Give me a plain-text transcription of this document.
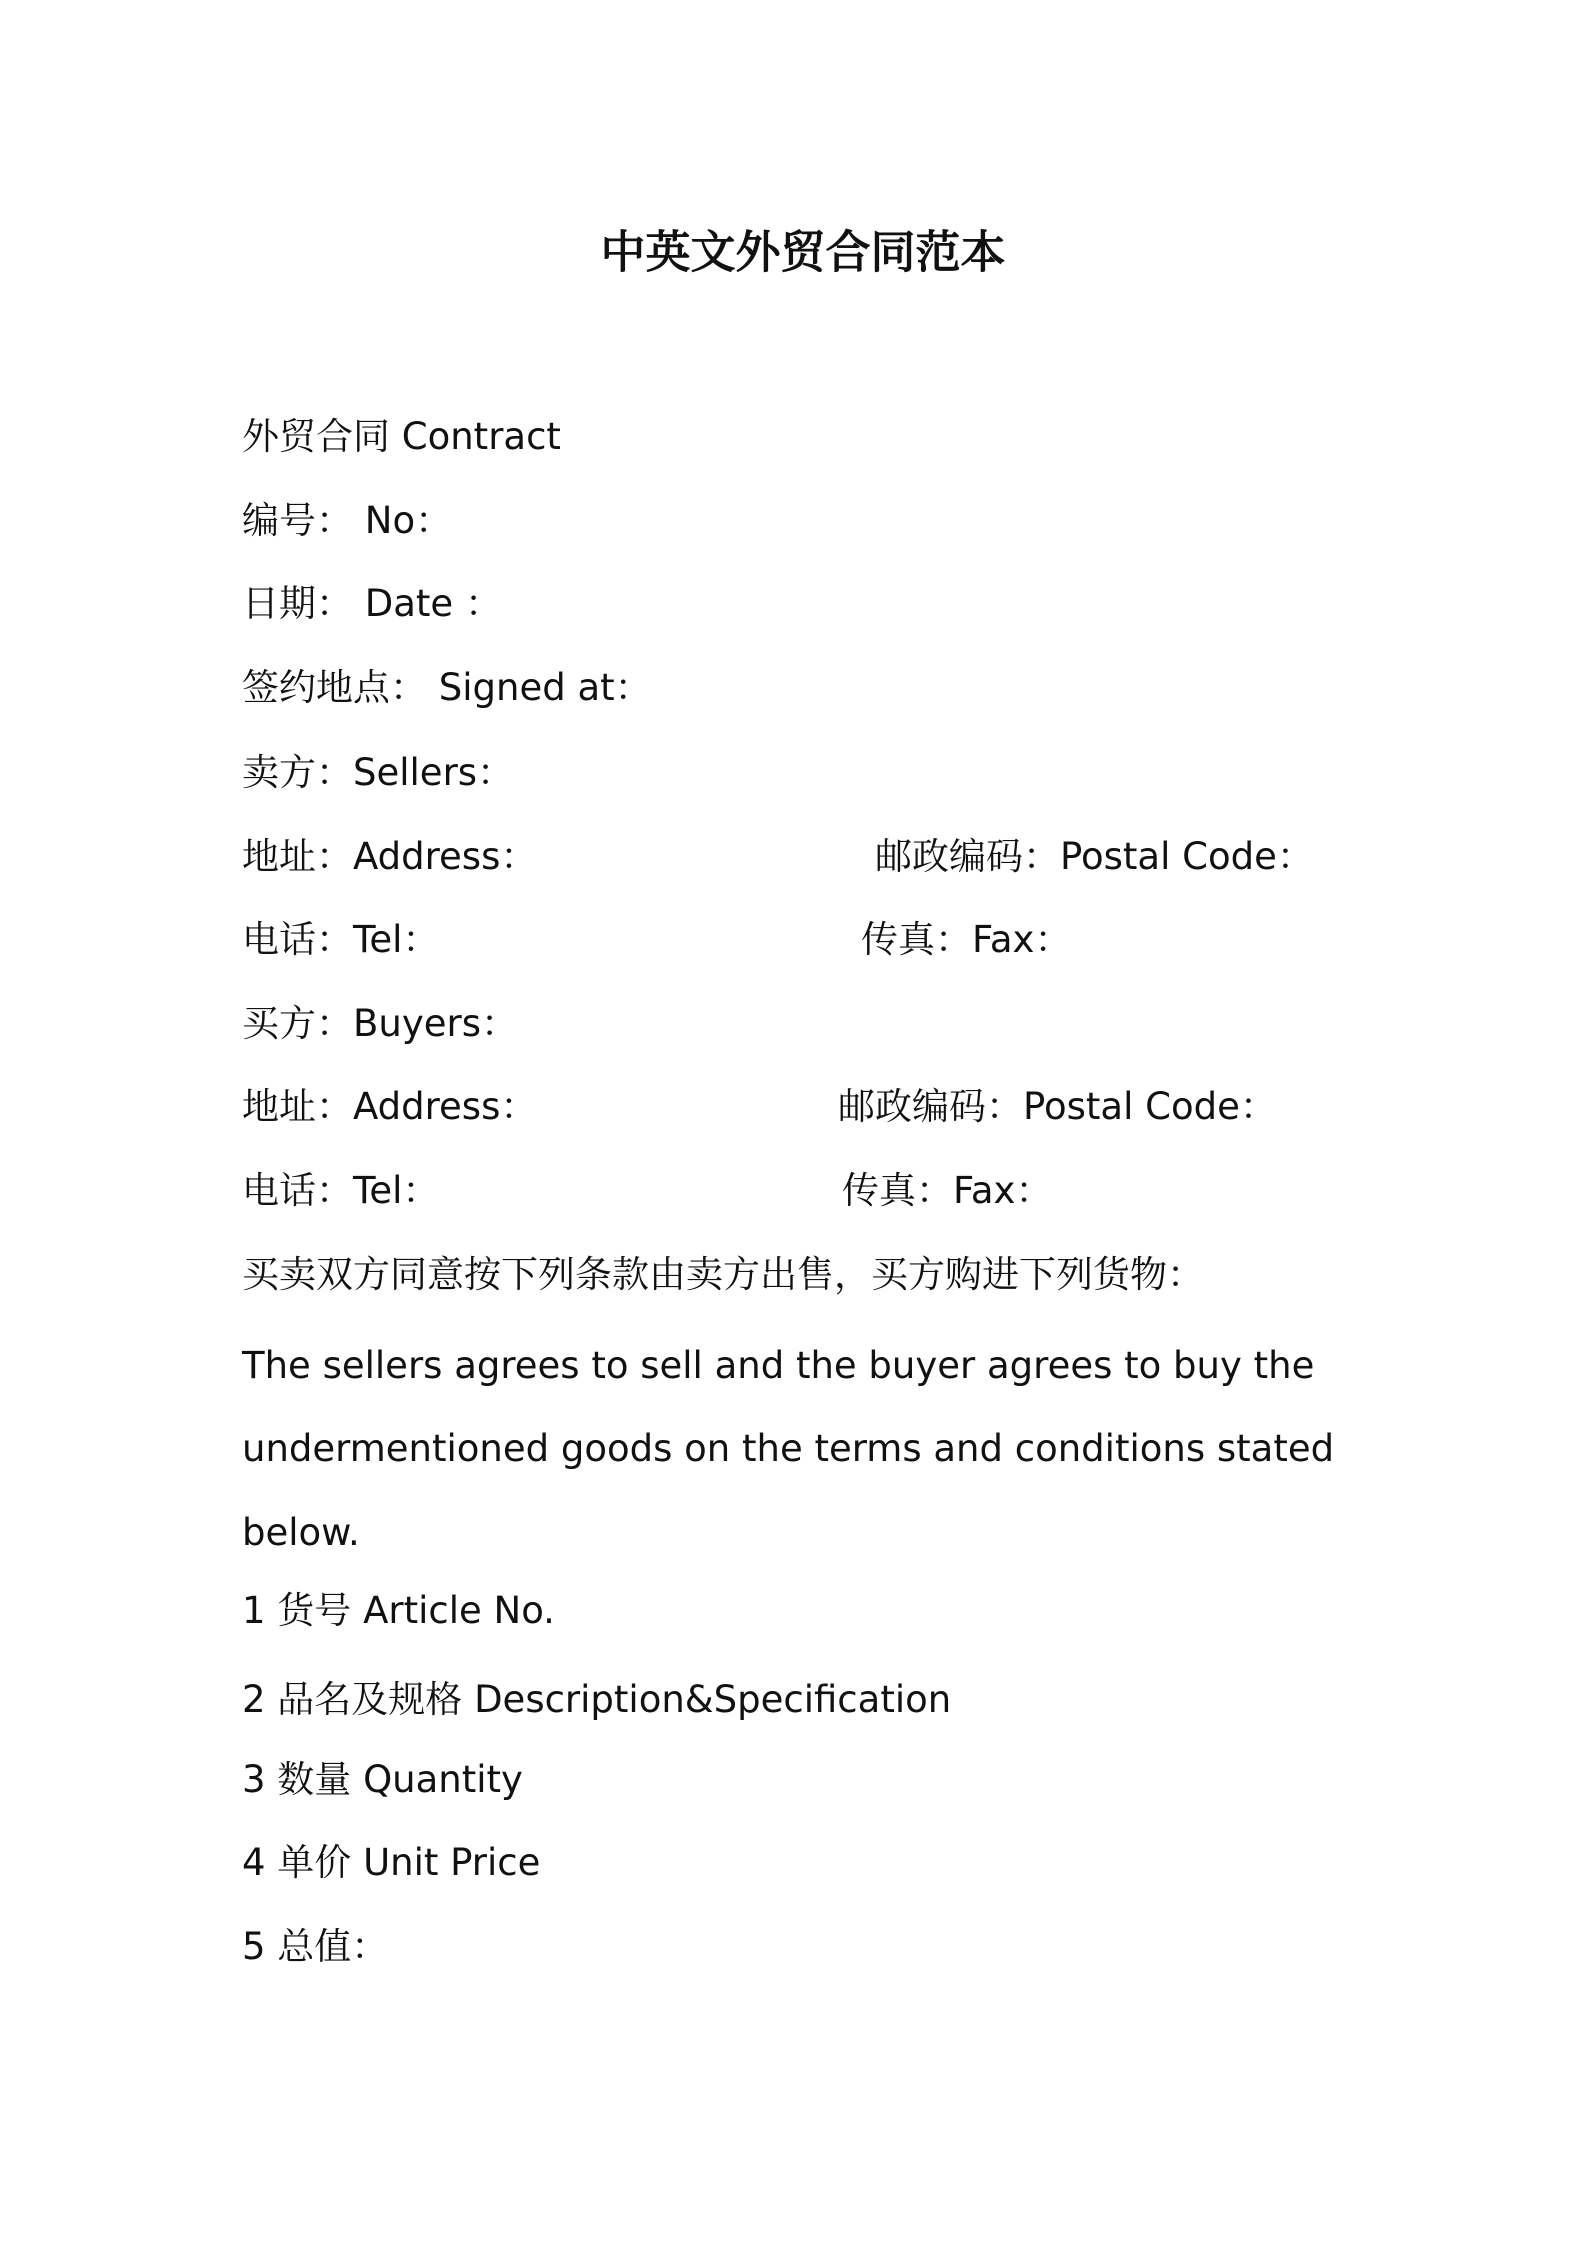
中英文外贸合同范本
外贸合同 Contract
编号： No：
日期： Date ：
签约地点： Signed at：
卖方：Sellers：
地址：Address：	邮政编码：Postal Code：
电话：Tel：	传真：Fax：
买方：Buyers：
地址：Address：	邮政编码：Postal Code：
电话：Tel：	传真：Fax：
买卖双方同意按下列条款由卖方出售，买方购进下列货物：
The sellers agrees to sell and the buyer agrees to buy the
undermentioned goods on the terms and conditions stated
below.
1 货号 Article No.
2 品名及规格 Description&Specification
3 数量 Quantity
4 单价 Unit Price
5 总值：
